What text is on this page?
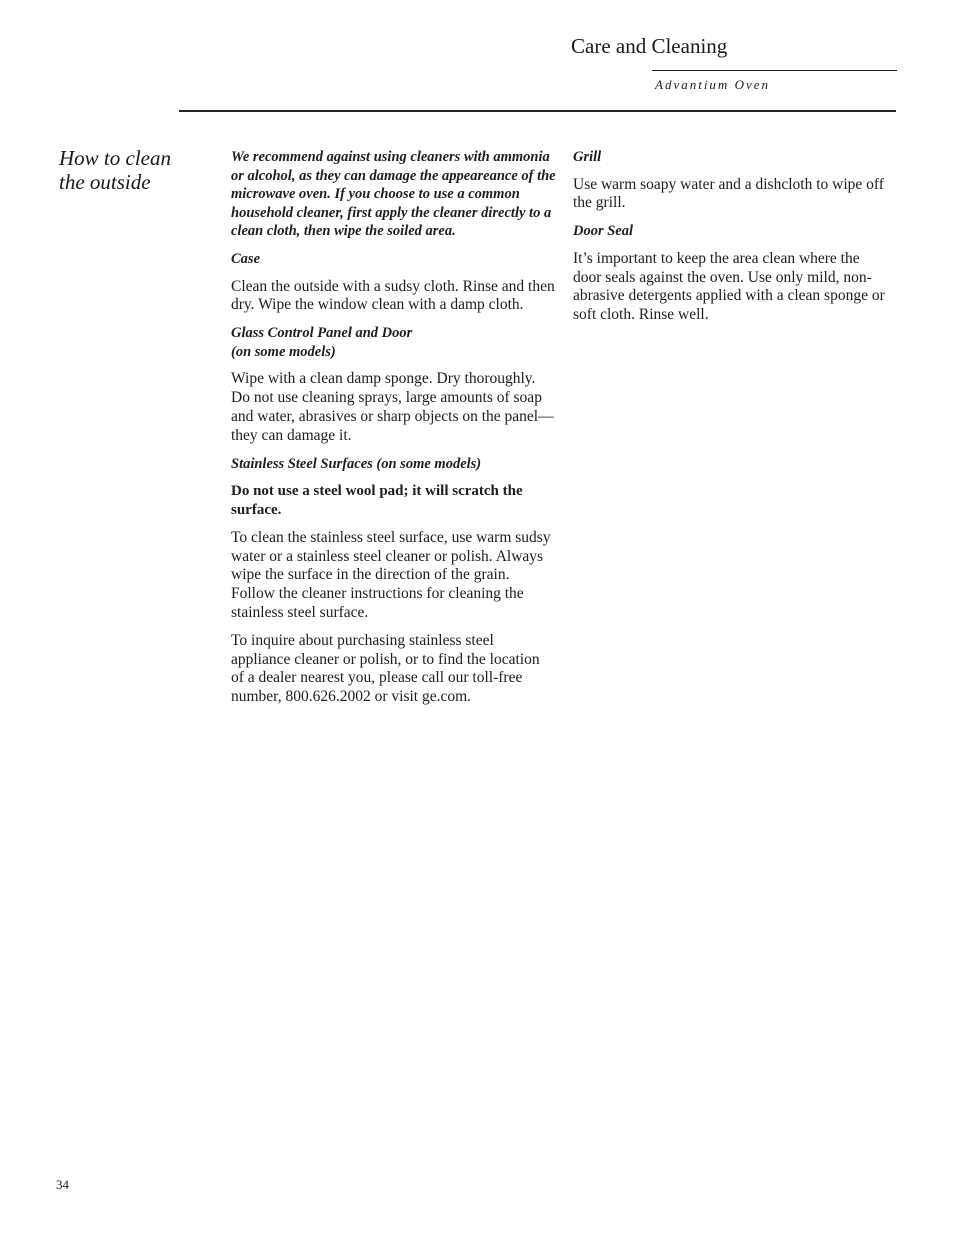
Care and Cleaning
Advantium Oven
How to clean
the outside

We recommend against using cleaners with ammonia or alcohol, as they can damage the appeareance of the microwave oven. If you choose to use a common household cleaner, first apply the cleaner directly to a clean cloth, then wipe the soiled area.

Case

Clean the outside with a sudsy cloth. Rinse and then dry. Wipe the window clean with a damp cloth.

Glass Control Panel and Door
(on some models)

Wipe with a clean damp sponge. Dry thoroughly. Do not use cleaning sprays, large amounts of soap and water, abrasives or sharp objects on the panel—they can damage it.

Stainless Steel Surfaces (on some models)

Do not use a steel wool pad; it will scratch the surface.

To clean the stainless steel surface, use warm sudsy water or a stainless steel cleaner or polish. Always wipe the surface in the direction of the grain. Follow the cleaner instructions for cleaning the stainless steel surface.

To inquire about purchasing stainless steel appliance cleaner or polish, or to find the location of a dealer nearest you, please call our toll-free number, 800.626.2002 or visit ge.com.

Grill

Use warm soapy water and a dishcloth to wipe off the grill.

Door Seal

It’s important to keep the area clean where the door seals against the oven. Use only mild, non-abrasive detergents applied with a clean sponge or soft cloth. Rinse well.

34
